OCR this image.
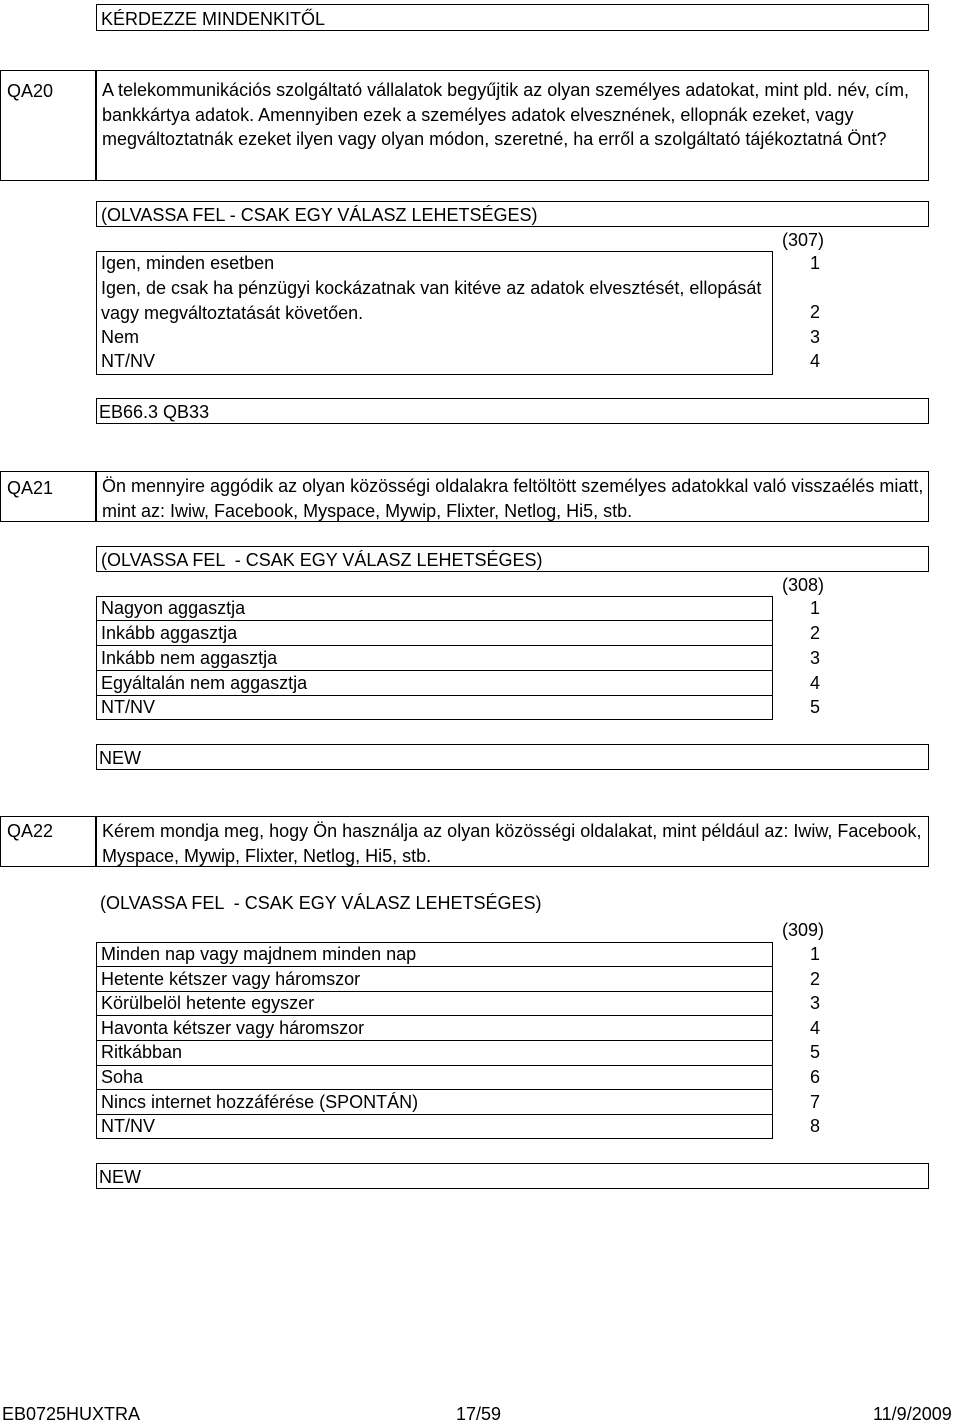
KÉRDEZZE MINDENKITŐL
QA20	A telekommunikációs szolgáltató vállalatok begyűjtik az olyan személyes adatokat, mint pld. név, cím, bankkártya adatok. Amennyiben ezek a személyes adatok elvesznének, ellopnák ezeket, vagy megváltoztatnák ezeket ilyen vagy olyan módon, szeretné, ha erről a szolgáltató tájékoztatná Önt?
(OLVASSA FEL - CSAK EGY VÁLASZ LEHETSÉGES)
(307)
Igen, minden esetben	1
Igen, de csak ha pénzügyi kockázatnak van kitéve az adatok elvesztését, ellopását vagy megváltoztatását követően.	2
Nem	3
NT/NV	4
EB66.3 QB33
QA21	Ön mennyire aggódik az olyan közösségi oldalakra feltöltött személyes adatokkal való visszaélés miatt, mint az: Iwiw, Facebook, Myspace, Mywip, Flixter, Netlog, Hi5, stb.
(OLVASSA FEL  - CSAK EGY VÁLASZ LEHETSÉGES)
(308)
Nagyon aggasztja	1
Inkább aggasztja	2
Inkább nem aggasztja	3
Egyáltalán nem aggasztja	4
NT/NV	5
NEW
QA22	Kérem mondja meg, hogy Ön használja az olyan közösségi oldalakat, mint például az: Iwiw, Facebook, Myspace, Mywip, Flixter, Netlog, Hi5, stb.
(OLVASSA FEL  - CSAK EGY VÁLASZ LEHETSÉGES)
(309)
Minden nap vagy majdnem minden nap	1
Hetente kétszer vagy háromszor	2
Körülbelöl hetente egyszer	3
Havonta kétszer vagy háromszor	4
Ritkábban	5
Soha	6
Nincs internet hozzáférése (SPONTÁN)	7
NT/NV	8
NEW
EB0725HUXTRA	17/59	11/9/2009
